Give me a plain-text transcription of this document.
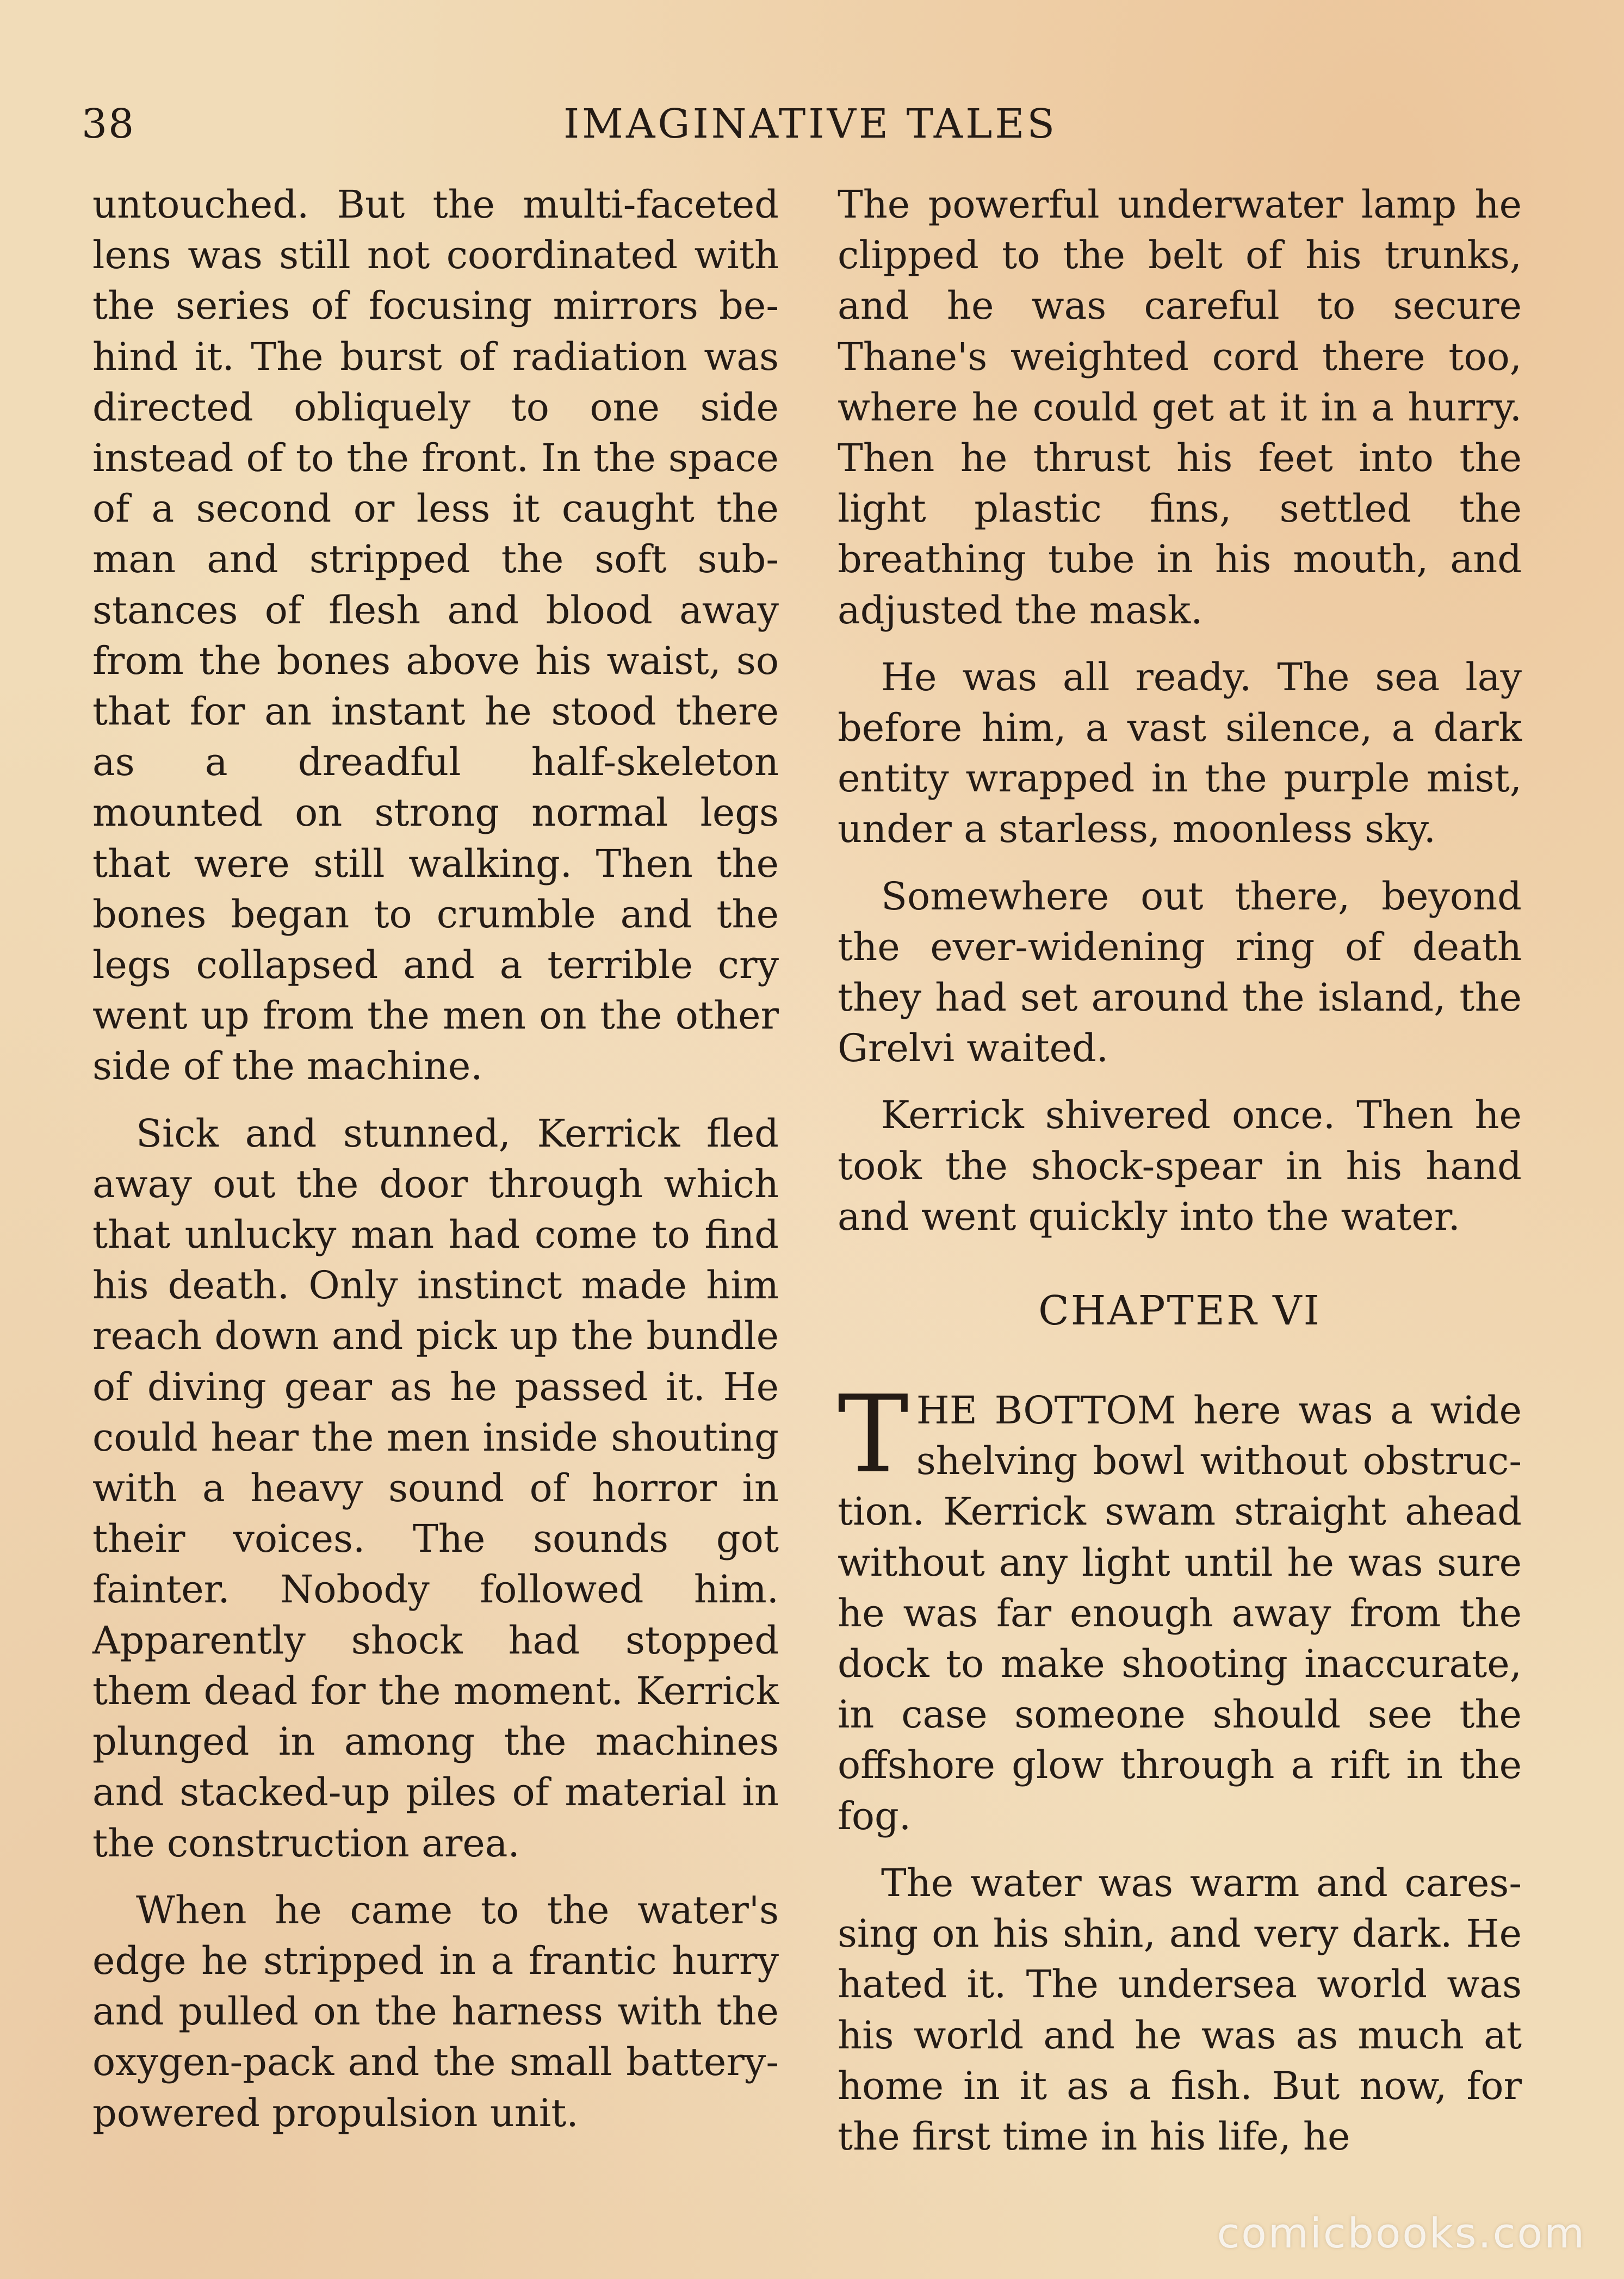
38	IMAGINATIVE TALES

untouched. But the multi-faceted lens was still not coordinated with the series of focusing mirrors behind it. The burst of radiation was directed obliquely to one side instead of to the front. In the space of a second or less it caught the man and stripped the soft substances of flesh and blood away from the bones above his waist, so that for an instant he stood there as a dreadful half-skeleton mounted on strong normal legs that were still walking. Then the bones began to crumble and the legs collapsed and a terrible cry went up from the men on the other side of the machine.

Sick and stunned, Kerrick fled away out the door through which that unlucky man had come to find his death. Only instinct made him reach down and pick up the bundle of diving gear as he passed it. He could hear the men inside shouting with a heavy sound of horror in their voices. The sounds got fainter. Nobody followed him. Apparently shock had stopped them dead for the moment. Kerrick plunged in among the machines and stacked-up piles of material in the construction area.

When he came to the water's edge he stripped in a frantic hurry and pulled on the harness with the oxygen-pack and the small battery-powered propulsion unit.

The powerful underwater lamp he clipped to the belt of his trunks, and he was careful to secure Thane's weighted cord there too, where he could get at it in a hurry. Then he thrust his feet into the light plastic fins, settled the breathing tube in his mouth, and adjusted the mask.

He was all ready. The sea lay before him, a vast silence, a dark entity wrapped in the purple mist, under a starless, moonless sky.

Somewhere out there, beyond the ever-widening ring of death they had set around the island, the Grelvi waited.

Kerrick shivered once. Then he took the shock-spear in his hand and went quickly into the water.

CHAPTER VI

THE BOTTOM here was a wide shelving bowl without obstruction. Kerrick swam straight ahead without any light until he was sure he was far enough away from the dock to make shooting inaccurate, in case someone should see the offshore glow through a rift in the fog.

The water was warm and caressing on his shin, and very dark. He hated it. The undersea world was his world and he was as much at home in it as a fish. But now, for the first time in his life, he

comicbooks.com
